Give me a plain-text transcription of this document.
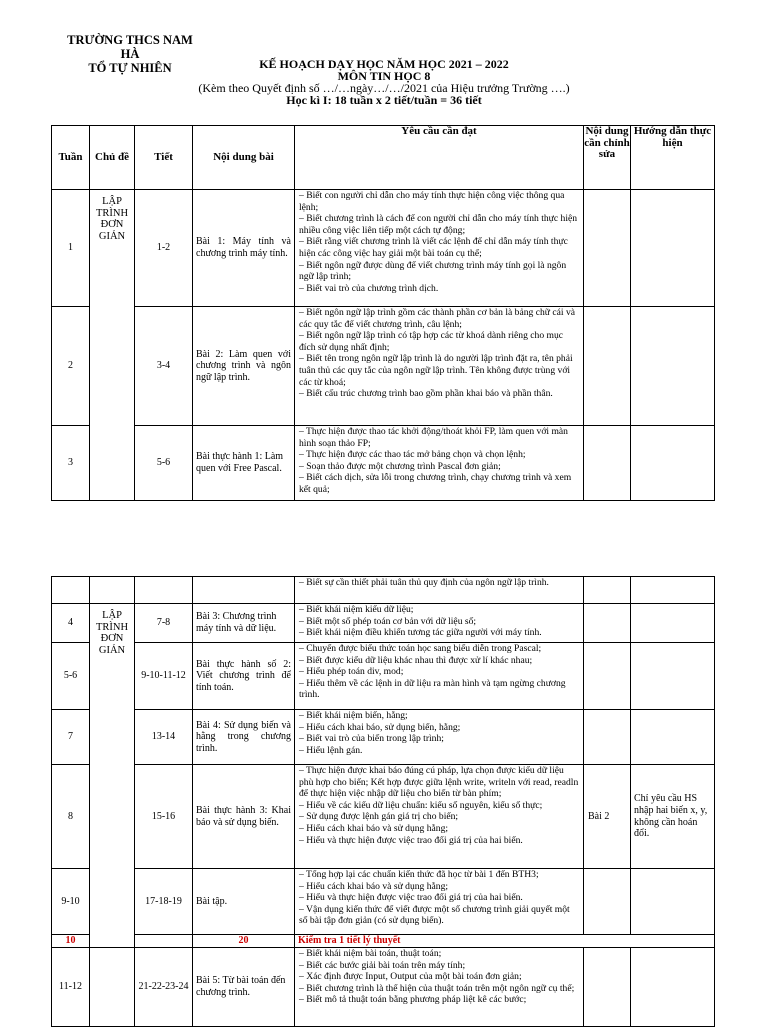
TRƯỜNG THCS NAM HÀ
TỔ TỰ NHIÊN	KẾ HOẠCH DẠY HỌC NĂM HỌC 2021 – 2022
MÔN TIN HỌC 8
(Kèm theo Quyết định số …/…ngày…/…/2021 của Hiệu trưởng Trường ….)
Học kì I: 18 tuần x 2 tiết/tuần = 36 tiết
Tuần	Chủ đề	Tiết	Nội dung bài	Yêu cầu cần đạt	Nội dung cần chỉnh sửa	Hướng dẫn thực hiện
1	LẬP TRÌNH ĐƠN GIẢN	1-2	Bài 1: Máy tính và chương trình máy tính.	– Biết con người chỉ dẫn cho máy tính thực hiện công việc thông qua lệnh;
– Biết chương trình là cách để con người chỉ dẫn cho máy tính thực hiện nhiều công việc liên tiếp một cách tự động;
– Biết rằng viết chương trình là viết các lệnh để chỉ dẫn máy tính thực hiện các công việc hay giải một bài toán cụ thể;
– Biết ngôn ngữ được dùng để viết chương trình máy tính gọi là ngôn ngữ lập trình;
– Biết vai trò của chương trình dịch.		

2		3-4	Bài 2: Làm quen với chương trình và ngôn ngữ lập trình.	– Biết ngôn ngữ lập trình gồm các thành phần cơ bản là bảng chữ cái và các quy tắc để viết chương trình, câu lệnh;
– Biết ngôn ngữ lập trình có tập hợp các từ khoá dành riêng cho mục đích sử dụng nhất định;
– Biết tên trong ngôn ngữ lập trình là do người lập trình đặt ra, tên phải tuân thủ các quy tắc của ngôn ngữ lập trình. Tên không được trùng với các từ khoá;
– Biết cấu trúc chương trình bao gồm phần khai báo và phần thân.		

3		5-6	Bài thực hành 1: Làm quen với Free Pascal.	– Thực hiện được thao tác khởi động/thoát khỏi FP, làm quen với màn hình soạn thảo FP;
– Thực hiện được các thao tác mở bảng chọn và chọn lệnh;
– Soạn thảo được một chương trình Pascal đơn giản;
– Biết cách dịch, sửa lỗi trong chương trình, chạy chương trình và xem kết quả;		

				– Biết sự cần thiết phải tuân thủ quy định của ngôn ngữ lập trình.		

4	LẬP TRÌNH ĐƠN GIẢN	7-8	Bài 3: Chương trình máy tính và dữ liệu.	– Biết khái niệm kiểu dữ liệu;
– Biết một số phép toán cơ bản với dữ liệu số;
– Biết khái niệm điều khiển tương tác giữa người với máy tính.		

5-6		9-10-11-12	Bài thực hành số 2: Viết chương trình để tính toán.	– Chuyển được biểu thức toán học sang biểu diễn trong Pascal;
– Biết được kiểu dữ liệu khác nhau thì được xử lí khác nhau;
– Hiểu phép toán div, mod;
– Hiểu thêm về các lệnh in dữ liệu ra màn hình và tạm ngừng chương trình.		

7		13-14	Bài 4: Sử dụng biến và hằng trong chương trình.	– Biết khái niệm biến, hằng;
– Hiểu cách khai báo, sử dụng biến, hằng;
– Biết vai trò của biến trong lập trình;
– Hiểu lệnh gán.		

8		15-16	Bài thực hành 3: Khai báo và sử dụng biến.	– Thực hiện được khai báo đúng cú pháp, lựa chọn được kiểu dữ liệu phù hợp cho biến; Kết hợp được giữa lệnh write, writeln với read, readln để thực hiện việc nhập dữ liệu cho biến từ bàn phím;
– Hiểu về các kiểu dữ liệu chuẩn: kiểu số nguyên, kiểu số thực;
– Sử dụng được lệnh gán giá trị cho biến;
– Hiểu cách khai báo và sử dụng hằng;
– Hiểu và thực hiện được việc trao đổi giá trị của hai biến.	Bài 2	Chỉ yêu cầu HS nhập hai biến x, y, không cần hoán đổi.
9-10		17-18-19	Bài tập.	– Tổng hợp lại các chuẩn kiến thức đã học từ bài 1 đến BTH3;
– Hiểu cách khai báo và sử dụng hằng;
– Hiểu và thực hiện được việc trao đổi giá trị của hai biến.
– Vận dụng kiến thức để viết được một số chương trình giải quyết một số bài tập đơn giản (có sử dụng biến).		

10			20	Kiểm tra 1 tiết lý thuyết		
11-12		21-22-23-24	Bài 5: Từ bài toán đến chương trình.	– Biết khái niệm bài toán, thuật toán;
– Biết các bước giải bài toán trên máy tính;
– Xác định được Input, Output của một bài toán đơn giản;
– Biết chương trình là thể hiện của thuật toán trên một ngôn ngữ cụ thể;
– Biết mô tả thuật toán bằng phương pháp liệt kê các bước;		
